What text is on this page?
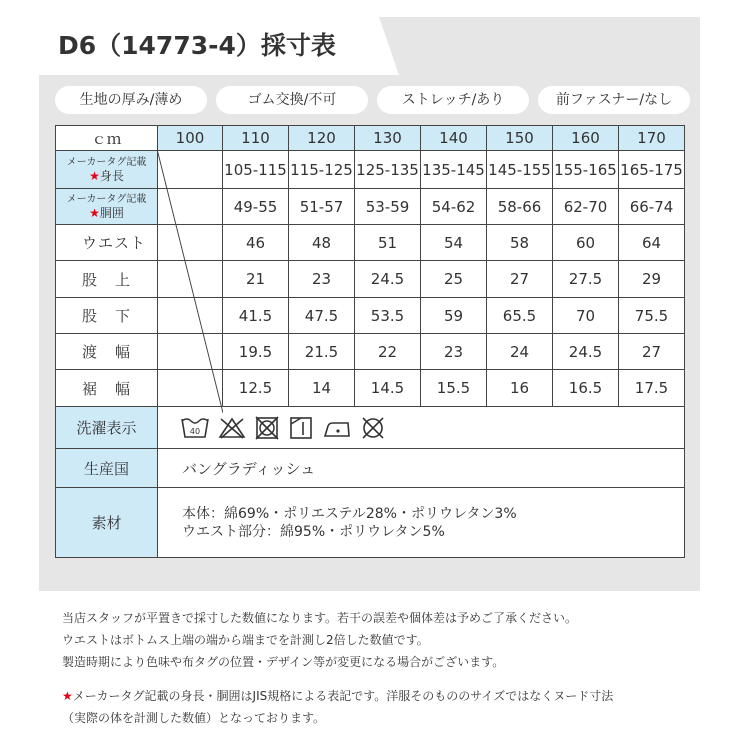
D6（14773-4）採寸表
生地の厚み/薄め	ゴム交換/不可	ストレッチ/あり	前ファスナー/なし
ｃｍ	100	110	120	130	140	150	160	170

メーカータグ記載
★身長		105-115	115-125	125-135	135-145	145-155	155-165	165-175

メーカータグ記載
★胴囲		49-55	51-57	53-59	54-62	58-66	62-70	66-74
ウエスト		46	48	51	54	58	60	64
股上		21	23	24.5	25	27	27.5	29
股下		41.5	47.5	53.5	59	65.5	70	75.5
渡幅		19.5	21.5	22	23	24	24.5	27
裾幅		12.5	14	14.5	15.5	16	16.5	17.5
洗濯表示	40							

生産国	バングラディッシュ							
素材	本体：綿69%・ポリエステル28%・ポリウレタン3%
ウエスト部分：綿95%・ポリウレタン5%							
当店スタッフが平置きで採寸した数値になります。若干の誤差や個体差は予めご了承ください。
ウエストはボトムス上端の端から端までを計測し2倍した数値です。
製造時期により色味や布タグの位置・デザイン等が変更になる場合がございます。
★メーカータグ記載の身長・胴囲はJIS規格による表記です。洋服そのもののサイズではなくヌード寸法
（実際の体を計測した数値）となっております。
